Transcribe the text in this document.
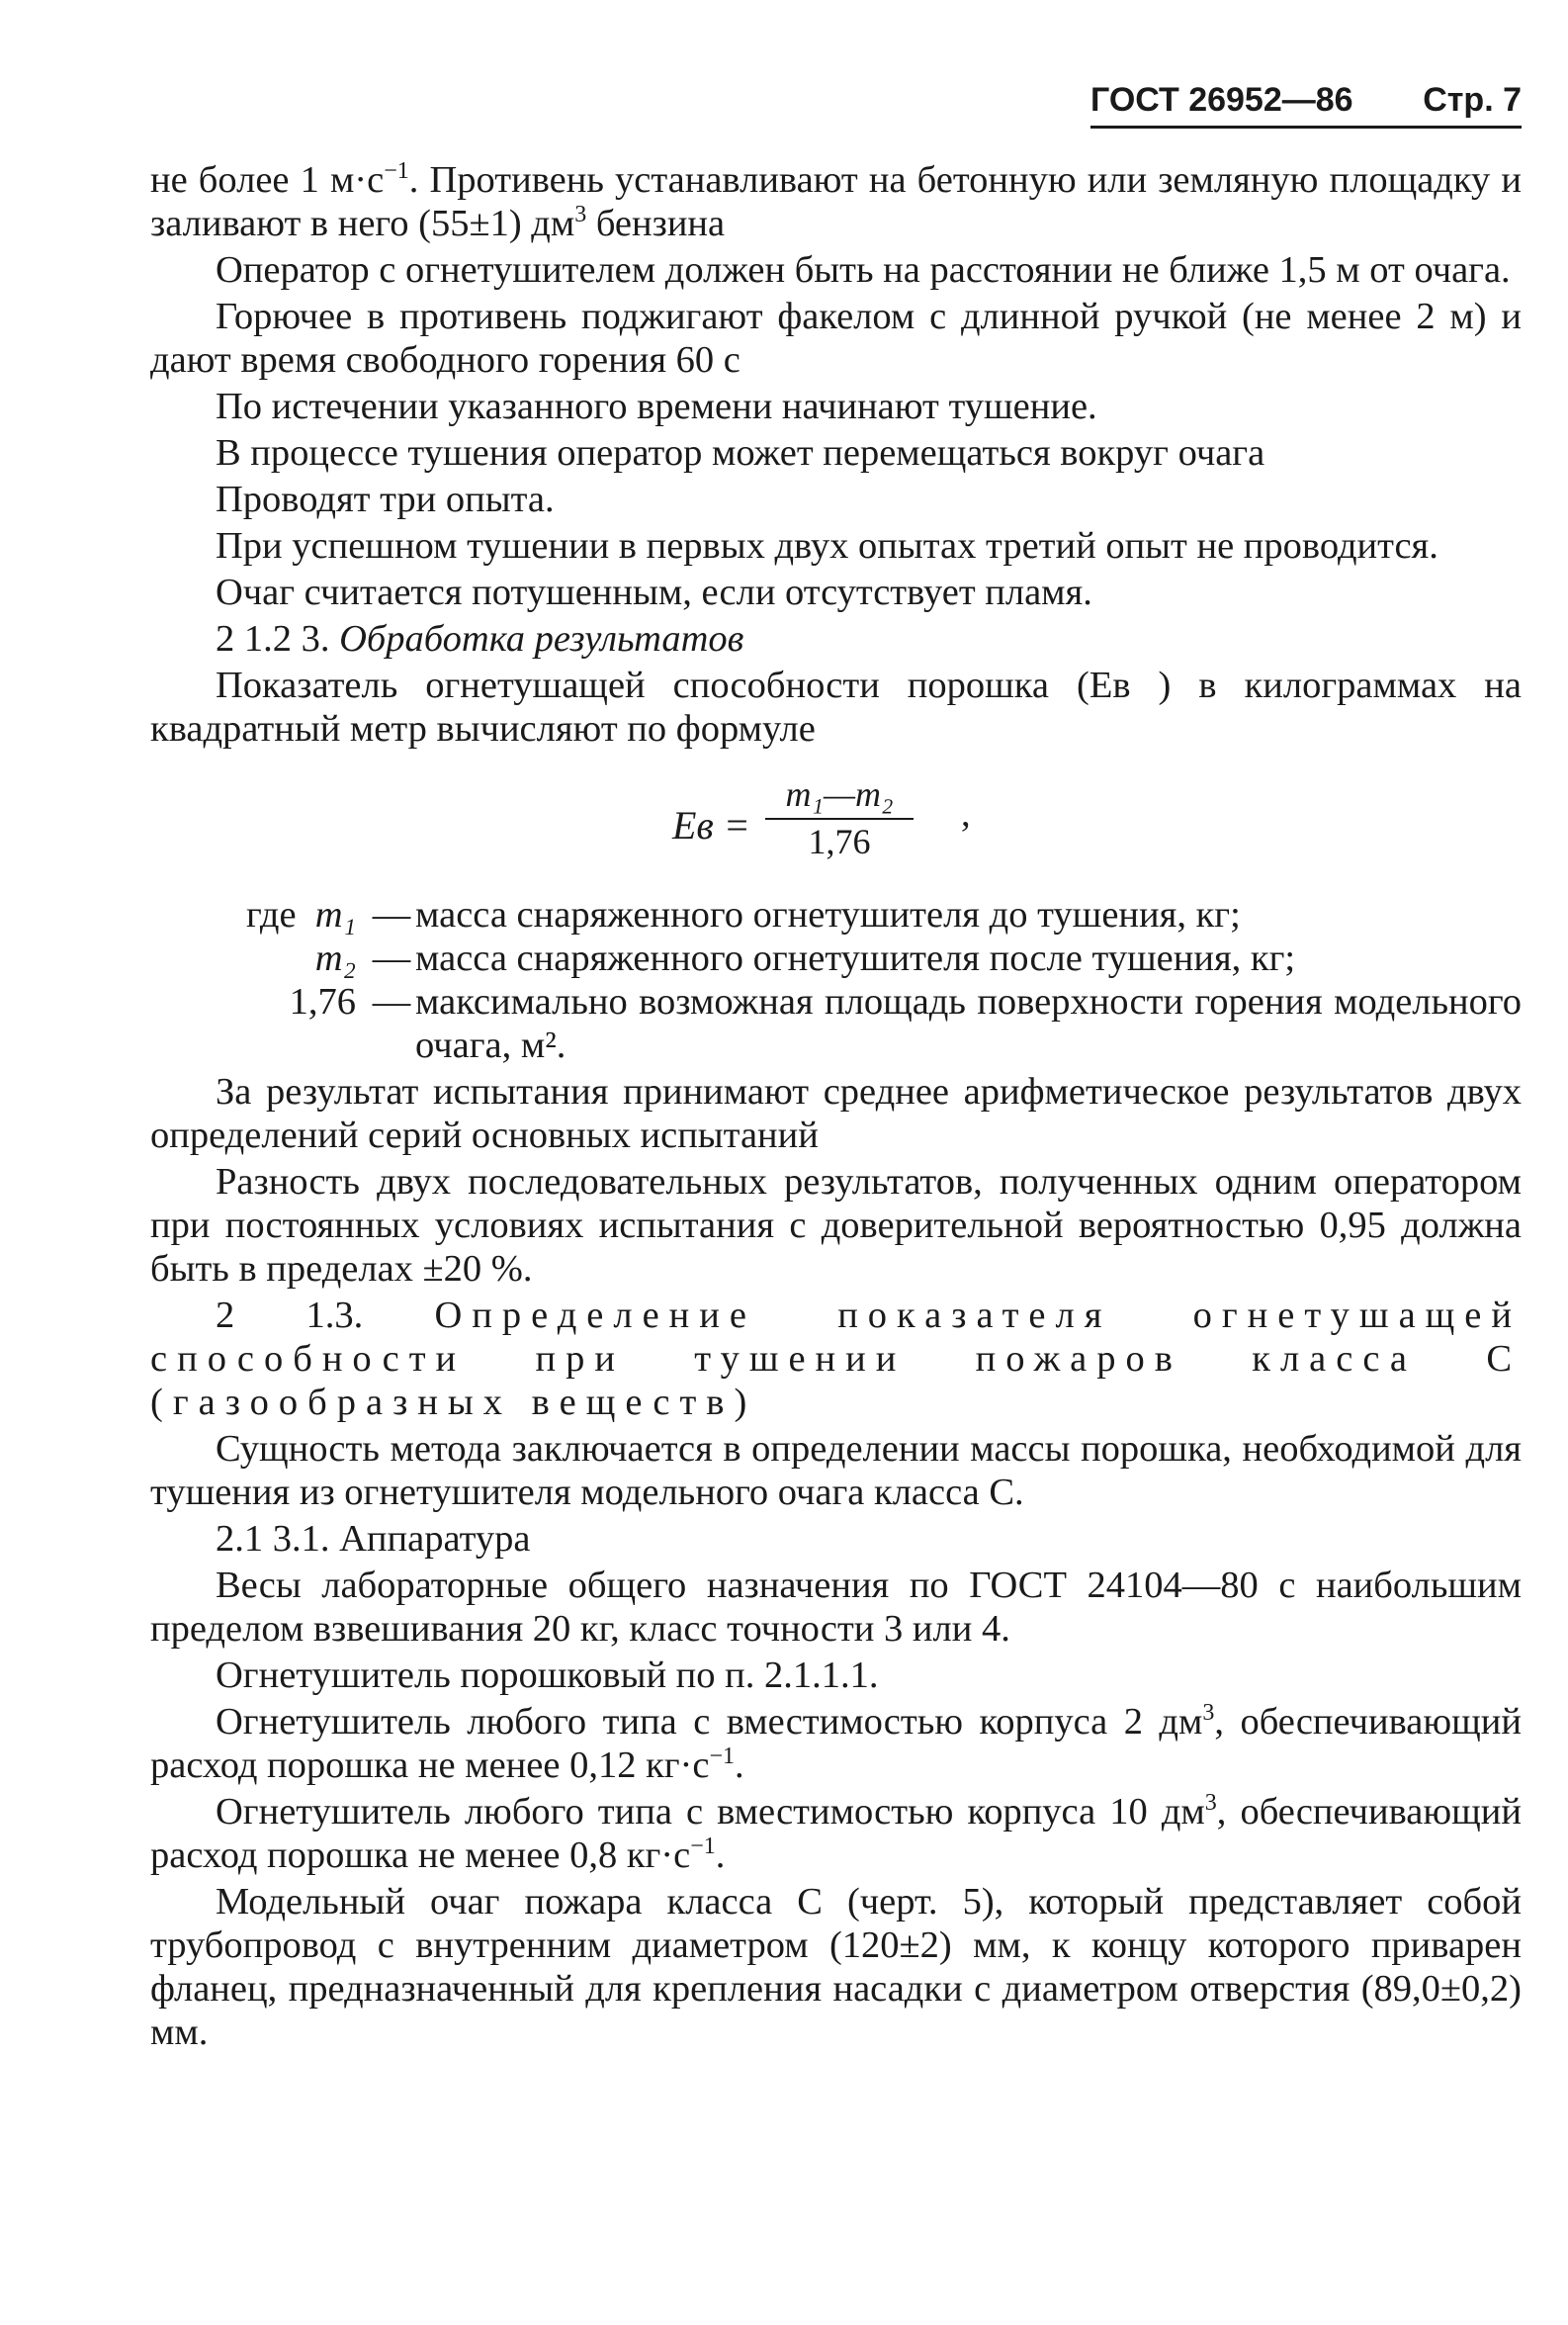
ГОСТ 26952—86 Стр. 7

не более 1 $м\cdot с^{-1}$. Противень устанавливают на бетонную или земляную площадку и заливают в него (55±1) $дм^3$ бензина

Оператор с огнетушителем должен быть на расстоянии не ближе 1,5 м от очага.

Горючее в противень поджигают факелом с длинной ручкой (не менее 2 м) и дают время свободного горения 60 с

По истечении указанного времени начинают тушение.

В процессе тушения оператор может перемещаться вокруг очага

Проводят три опыта.

При успешном тушении в первых двух опытах третий опыт не проводится.

Очаг считается потушенным, если отсутствует пламя.

2 1.2 3. Обработка результатов

Показатель огнетушащей способности порошка (Eв ) в килограммах на квадратный метр вычисляют по формуле

Eв = $\frac{\text{m₁—m₂}}{1,76}$ ,
где m₁ — масса снаряженного огнетушителя до тушения, кг;
m₂ — масса снаряженного огнетушителя после тушения, кг;
1,76 — максимально возможная площадь поверхности горения модельного очага, м².

За результат испытания принимают среднее арифметическое результатов двух определений серий основных испытаний

Разность двух последовательных результатов, полученных одним оператором при постоянных условиях испытания с доверительной вероятностью 0,95 должна быть в пределах ±20 %.

2 1.3. Определение показателя огнетушащей способности при тушении пожаров класса С (газообразных веществ)

Сущность метода заключается в определении массы порошка, необходимой для тушения из огнетушителя модельного очага класса С.

2.1 3.1. Аппаратура

Весы лабораторные общего назначения по ГОСТ 24104—80 с наибольшим пределом взвешивания 20 кг, класс точности 3 или 4.

Огнетушитель порошковый по п. 2.1.1.1.

Огнетушитель любого типа с вместимостью корпуса 2 $дм^3$, обеспечивающий расход порошка не менее 0,12 $кг\cdot с^{-1}$.

Огнетушитель любого типа с вместимостью корпуса 10 $дм^3$, обеспечивающий расход порошка не менее 0,8 $кг\cdot с^{-1}$.

Модельный очаг пожара класса С (черт. 5), который представляет собой трубопровод с внутренним диаметром (120±2) мм, к концу которого приварен фланец, предназначенный для крепления насадки с диаметром отверстия (89,0±0,2) мм.
